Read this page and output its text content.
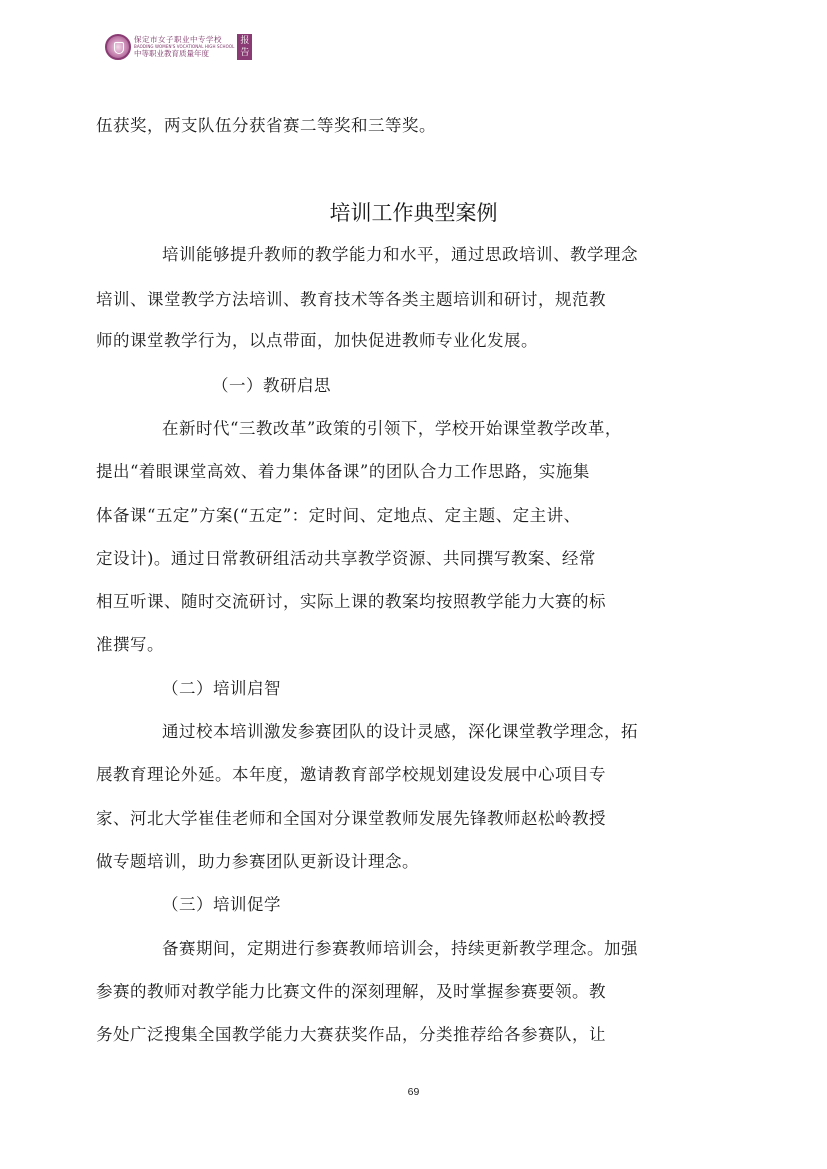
保定市女子职业中专学校
BAODING WOMEN'S VOCATIONAL HIGH SCHOOL
中等职业教育质量年度
报
告
伍获奖，两支队伍分获省赛二等奖和三等奖。
培训工作典型案例
培训能够提升教师的教学能力和水平，通过思政培训、教学理念
培训、课堂教学方法培训、教育技术等各类主题培训和研讨，规范教
师的课堂教学行为，以点带面，加快促进教师专业化发展。
（一）教研启思
在新时代“三教改革”政策的引领下，学校开始课堂教学改革，
提出“着眼课堂高效、着力集体备课”的团队合力工作思路，实施集
体备课“五定”方案(“五定”：定时间、定地点、定主题、定主讲、
定设计)。通过日常教研组活动共享教学资源、共同撰写教案、经常
相互听课、随时交流研讨，实际上课的教案均按照教学能力大赛的标
准撰写。
（二）培训启智
通过校本培训激发参赛团队的设计灵感，深化课堂教学理念，拓
展教育理论外延。本年度，邀请教育部学校规划建设发展中心项目专
家、河北大学崔佳老师和全国对分课堂教师发展先锋教师赵松岭教授
做专题培训，助力参赛团队更新设计理念。
（三）培训促学
备赛期间，定期进行参赛教师培训会，持续更新教学理念。加强
参赛的教师对教学能力比赛文件的深刻理解，及时掌握参赛要领。教
务处广泛搜集全国教学能力大赛获奖作品，分类推荐给各参赛队，让
69
